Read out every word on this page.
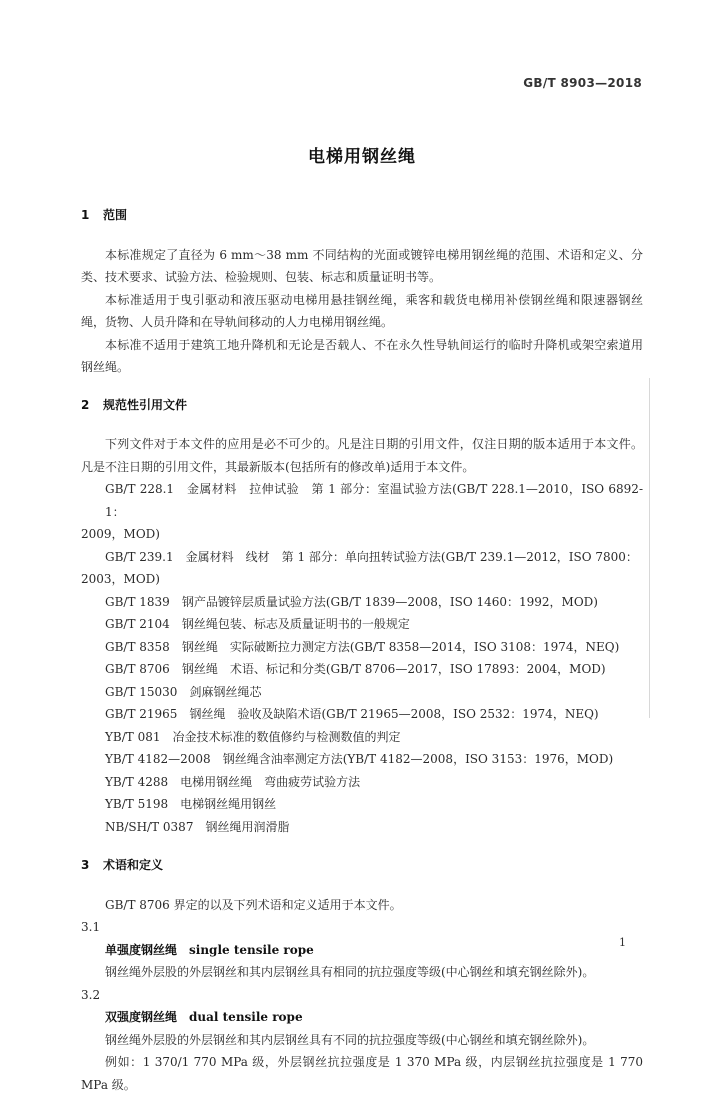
GB/T 8903—2018
电梯用钢丝绳
1 范围

本标准规定了直径为 6 mm～38 mm 不同结构的光面或镀锌电梯用钢丝绳的范围、术语和定义、分类、技术要求、试验方法、检验规则、包装、标志和质量证明书等。

本标准适用于曳引驱动和液压驱动电梯用悬挂钢丝绳，乘客和载货电梯用补偿钢丝绳和限速器钢丝绳，货物、人员升降和在导轨间移动的人力电梯用钢丝绳。

本标准不适用于建筑工地升降机和无论是否载人、不在永久性导轨间运行的临时升降机或架空索道用钢丝绳。

2 规范性引用文件

下列文件对于本文件的应用是必不可少的。凡是注日期的引用文件，仅注日期的版本适用于本文件。凡是不注日期的引用文件，其最新版本(包括所有的修改单)适用于本文件。

GB/T 228.1　 金属材料　拉伸试验　第 1 部分：室温试验方法(GB/T 228.1—2010，ISO 6892-1：
2009，MOD)

GB/T 239.1　 金属材料　线材　第 1 部分：单向扭转试验方法(GB/T 239.1—2012，ISO 7800：
2003，MOD)

GB/T 1839　 钢产品镀锌层质量试验方法(GB/T 1839—2008，ISO 1460：1992，MOD)

GB/T 2104　 钢丝绳包装、标志及质量证明书的一般规定

GB/T 8358　 钢丝绳　实际破断拉力测定方法(GB/T 8358—2014，ISO 3108：1974，NEQ)

GB/T 8706　 钢丝绳　术语、标记和分类(GB/T 8706—2017，ISO 17893：2004，MOD)

GB/T 15030　 剑麻钢丝绳芯

GB/T 21965　 钢丝绳　验收及缺陷术语(GB/T 21965—2008，ISO 2532：1974，NEQ)

YB/T 081　 冶金技术标准的数值修约与检测数值的判定

YB/T 4182—2008　 钢丝绳含油率测定方法(YB/T 4182—2008，ISO 3153：1976，MOD)

YB/T 4288　 电梯用钢丝绳　弯曲疲劳试验方法

YB/T 5198　 电梯钢丝绳用钢丝

NB/SH/T 0387　 钢丝绳用润滑脂

3 术语和定义

GB/T 8706 界定的以及下列术语和定义适用于本文件。

3.1

单强度钢丝绳 single tensile rope

钢丝绳外层股的外层钢丝和其内层钢丝具有相同的抗拉强度等级(中心钢丝和填充钢丝除外)。

3.2

双强度钢丝绳 dual tensile rope

钢丝绳外层股的外层钢丝和其内层钢丝具有不同的抗拉强度等级(中心钢丝和填充钢丝除外)。

例如：1 370/1 770 MPa 级，外层钢丝抗拉强度是 1 370 MPa 级，内层钢丝抗拉强度是 1 770 MPa 级。

1
